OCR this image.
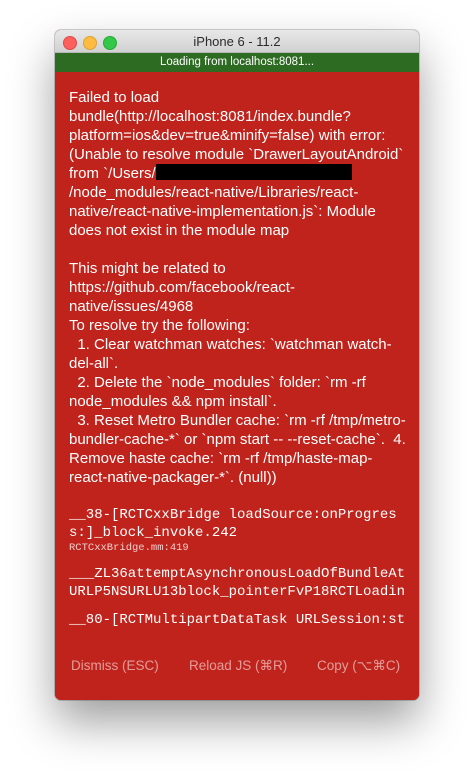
iPhone 6 - 11.2
Loading from localhost:8081...

Failed to load bundle(http://localhost:8081/index.bundle?platform=ios&dev=true&minify=false) with error:(Unable to resolve module `DrawerLayoutAndroid` from `/Users//node_modules/react-native/Libraries/react-native/react-native-implementation.js`: Module does not exist in the module map

This might be related to https://github.com/facebook/react-native/issues/4968
To resolve try the following:
1. Clear watchman watches: `watchman watch-del-all`.
2. Delete the `node_modules` folder: `rm -rf node_modules && npm install`.
3. Reset Metro Bundler cache: `rm -rf /tmp/metro-bundler-cache-*` or `npm start -- --reset-cache`.  4. Remove haste cache: `rm -rf /tmp/haste-map-react-native-packager-*`. (null))

__38-[RCTCxxBridge loadSource:onProgress:]_block_invoke.242
RCTCxxBridge.mm:419
___ZL36attemptAsynchronousLoadOfBundleAtURLP5NSURLU13block_pointerFvP18RCTLoadin
__80-[RCTMultipartDataTask URLSession:st

Dismiss (ESC) Reload JS (⌘R) Copy (⌥⌘C)
